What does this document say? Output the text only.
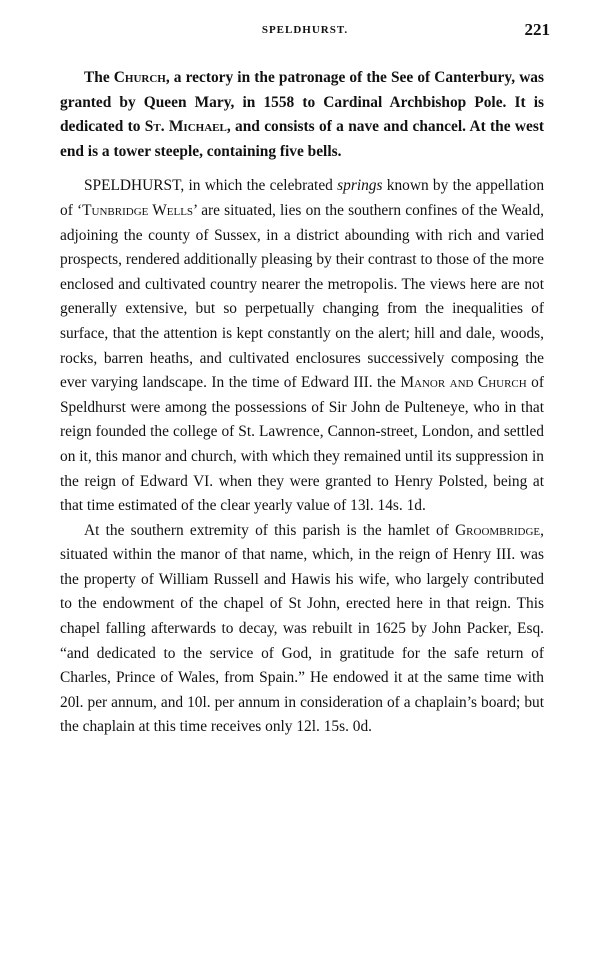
SPELDHURST.	221

The Church, a rectory in the patronage of the See of Canterbury, was granted by Queen Mary, in 1558 to Cardinal Archbishop Pole. It is dedicated to St. Michael, and consists of a nave and chancel. At the west end is a tower steeple, containing five bells.

SPELDHURST, in which the celebrated springs known by the appellation of ‘Tunbridge Wells’ are situated, lies on the southern confines of the Weald, adjoining the county of Sussex, in a district abounding with rich and varied prospects, rendered additionally pleasing by their contrast to those of the more enclosed and cultivated country nearer the metropolis. The views here are not generally extensive, but so perpetually changing from the inequalities of surface, that the attention is kept constantly on the alert; hill and dale, woods, rocks, barren heaths, and cultivated enclosures successively composing the ever varying landscape. In the time of Edward III. the Manor and Church of Speldhurst were among the possessions of Sir John de Pulteneye, who in that reign founded the college of St. Lawrence, Cannon-street, London, and settled on it, this manor and church, with which they remained until its suppression in the reign of Edward VI. when they were granted to Henry Polsted, being at that time estimated of the clear yearly value of 13l. 14s. 1d.

At the southern extremity of this parish is the hamlet of Groombridge, situated within the manor of that name, which, in the reign of Henry III. was the property of William Russell and Hawis his wife, who largely contributed to the endowment of the chapel of St John, erected here in that reign. This chapel falling afterwards to decay, was rebuilt in 1625 by John Packer, Esq. “and dedicated to the service of God, in gratitude for the safe return of Charles, Prince of Wales, from Spain.” He endowed it at the same time with 20l. per annum, and 10l. per annum in consideration of a chaplain’s board; but the chaplain at this time receives only 12l. 15s. 0d.
